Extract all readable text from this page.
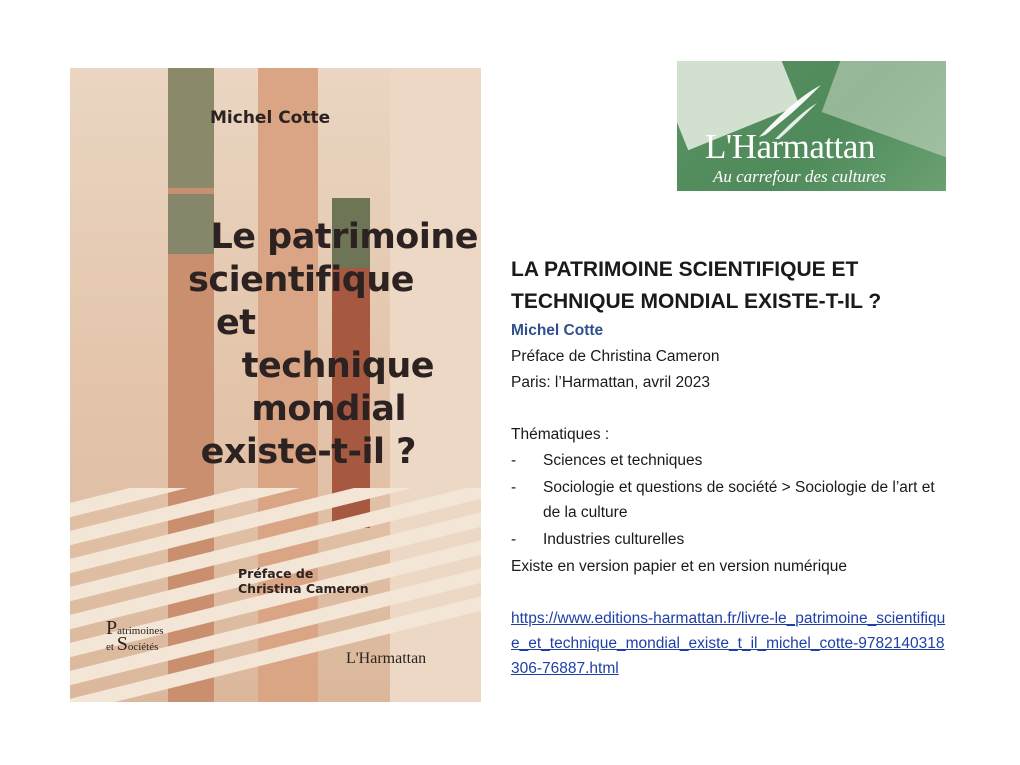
Michel Cotte
Le patrimoine
scientifique
et
technique
mondial
existe-t-il ?
Préface de
Christina Cameron
Patrimoines
et Sociétés
L'Harmattan
L'Harmattan
Au carrefour des cultures
LA PATRIMOINE SCIENTIFIQUE ET
TECHNIQUE MONDIAL EXISTE-T-IL ?

Michel Cotte

Préface de Christina Cameron

Paris: l’Harmattan, avril 2023

Thématiques :

-	Sciences et techniques
-	Sociologie et questions de société > Sociologie de l’art et de la culture
-	Industries culturelles

Existe en version papier et en version numérique

https://www.editions-harmattan.fr/livre-le_patrimoine_scientifique_et_technique_mondial_existe_t_il_michel_cotte-9782140318306-76887.html
